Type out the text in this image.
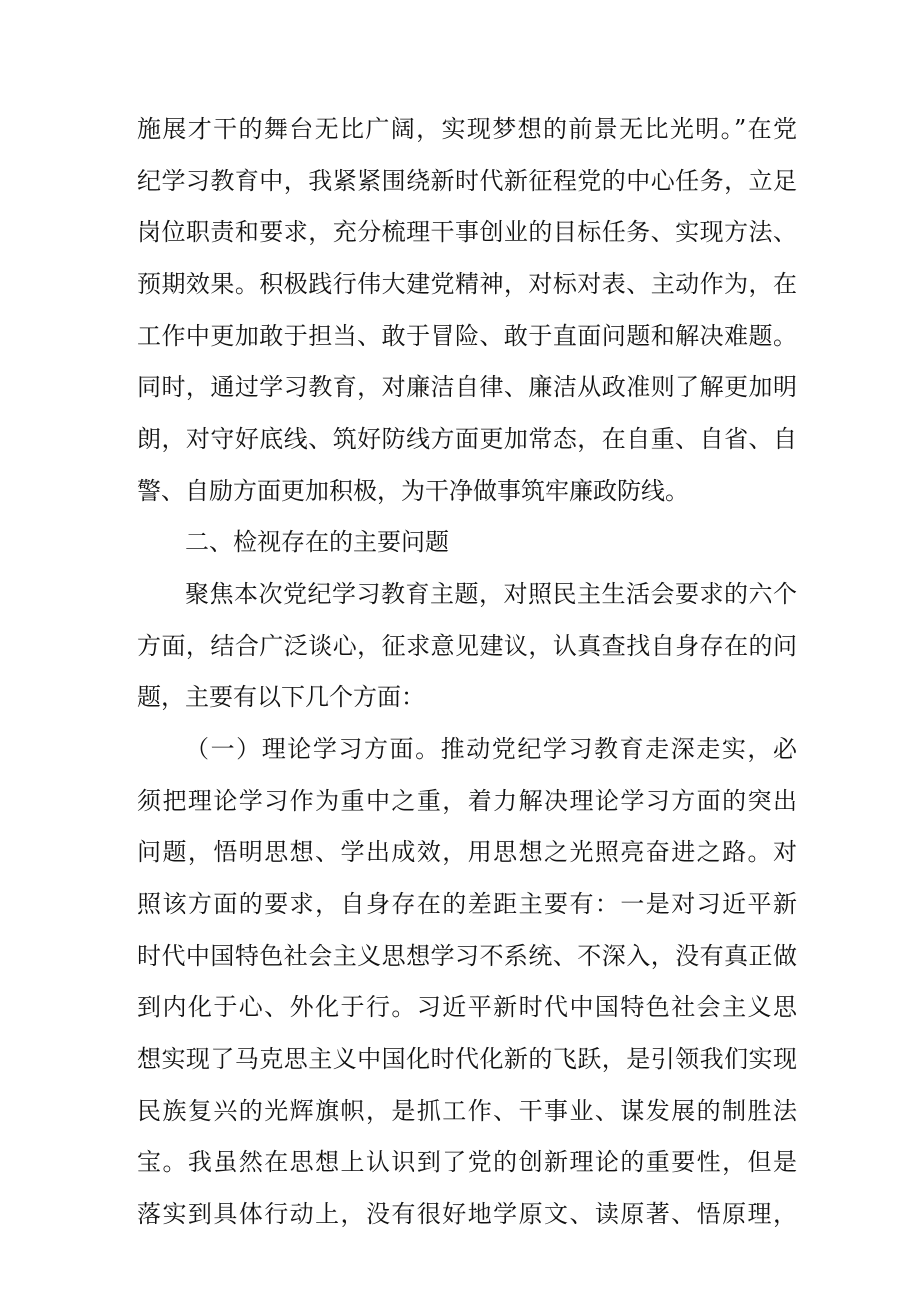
施展才干的舞台无比广阔，实现梦想的前景无比光明。”在党
纪学习教育中，我紧紧围绕新时代新征程党的中心任务，立足
岗位职责和要求，充分梳理干事创业的目标任务、实现方法、
预期效果。积极践行伟大建党精神，对标对表、主动作为，在
工作中更加敢于担当、敢于冒险、敢于直面问题和解决难题。
同时，通过学习教育，对廉洁自律、廉洁从政准则了解更加明
朗，对守好底线、筑好防线方面更加常态，在自重、自省、自
警、自励方面更加积极，为干净做事筑牢廉政防线。
二、检视存在的主要问题
聚焦本次党纪学习教育主题，对照民主生活会要求的六个
方面，结合广泛谈心，征求意见建议，认真查找自身存在的问
题，主要有以下几个方面：
（一）理论学习方面。推动党纪学习教育走深走实，必
须把理论学习作为重中之重，着力解决理论学习方面的突出
问题，悟明思想、学出成效，用思想之光照亮奋进之路。对
照该方面的要求，自身存在的差距主要有：一是对习近平新
时代中国特色社会主义思想学习不系统、不深入，没有真正做
到内化于心、外化于行。习近平新时代中国特色社会主义思
想实现了马克思主义中国化时代化新的飞跃，是引领我们实现
民族复兴的光辉旗帜，是抓工作、干事业、谋发展的制胜法
宝。我虽然在思想上认识到了党的创新理论的重要性，但是
落实到具体行动上，没有很好地学原文、读原著、悟原理，
